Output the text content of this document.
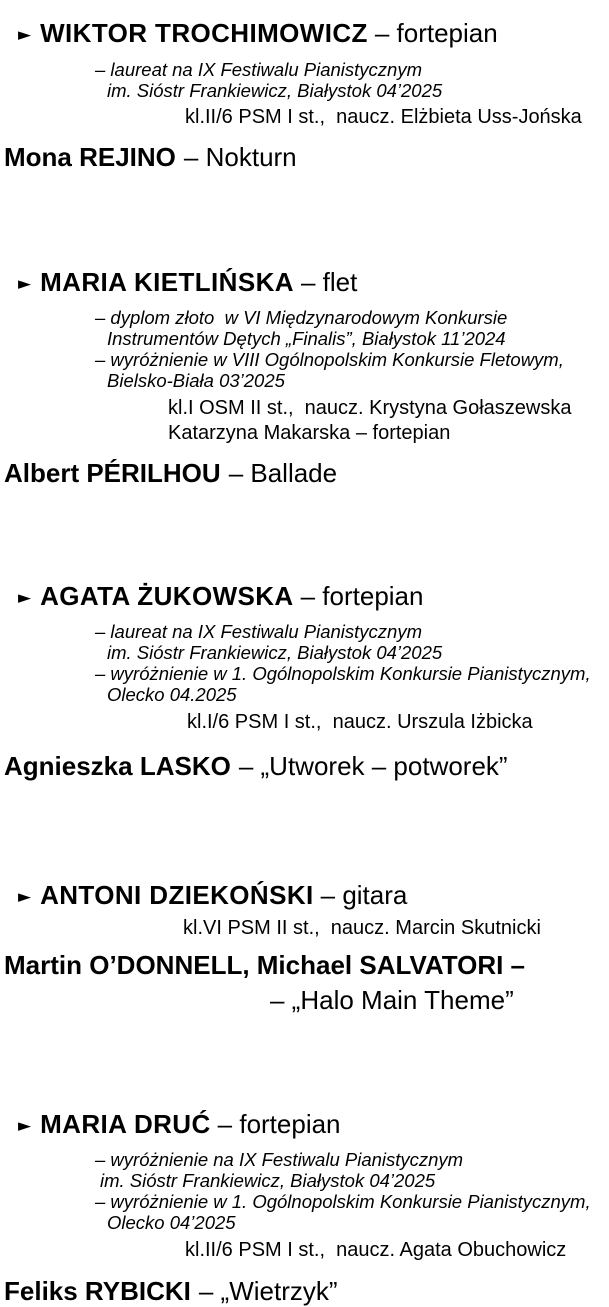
► WIKTOR TROCHIMOWICZ – fortepian
– laureat na IX Festiwalu Pianistycznym
im. Sióstr Frankiewicz, Białystok 04’2025
kl.II/6 PSM I st.,  naucz. Elżbieta Uss-Jońska
Mona REJINO – Nokturn
► MARIA KIETLIŃSKA – flet
– dyplom złoto  w VI Międzynarodowym Konkursie
Instrumentów Dętych „Finalis”, Białystok 11’2024
– wyróżnienie w VIII Ogólnopolskim Konkursie Fletowym,
Bielsko-Biała 03’2025
kl.I OSM II st.,  naucz. Krystyna Gołaszewska
Katarzyna Makarska – fortepian
Albert PÉRILHOU – Ballade
► AGATA ŻUKOWSKA – fortepian
– laureat na IX Festiwalu Pianistycznym
im. Sióstr Frankiewicz, Białystok 04’2025
– wyróżnienie w 1. Ogólnopolskim Konkursie Pianistycznym,
Olecko 04.2025
kl.I/6 PSM I st.,  naucz. Urszula Iżbicka
Agnieszka LASKO – „Utworek – potworek”
► ANTONI DZIEKOŃSKI – gitara
kl.VI PSM II st.,  naucz. Marcin Skutnicki
Martin O’DONNELL, Michael SALVATORI –
– „Halo Main Theme”
► MARIA DRUĆ – fortepian
– wyróżnienie na IX Festiwalu Pianistycznym
im. Sióstr Frankiewicz, Białystok 04’2025
– wyróżnienie w 1. Ogólnopolskim Konkursie Pianistycznym,
Olecko 04’2025
kl.II/6 PSM I st.,  naucz. Agata Obuchowicz
Feliks RYBICKI – „Wietrzyk”
